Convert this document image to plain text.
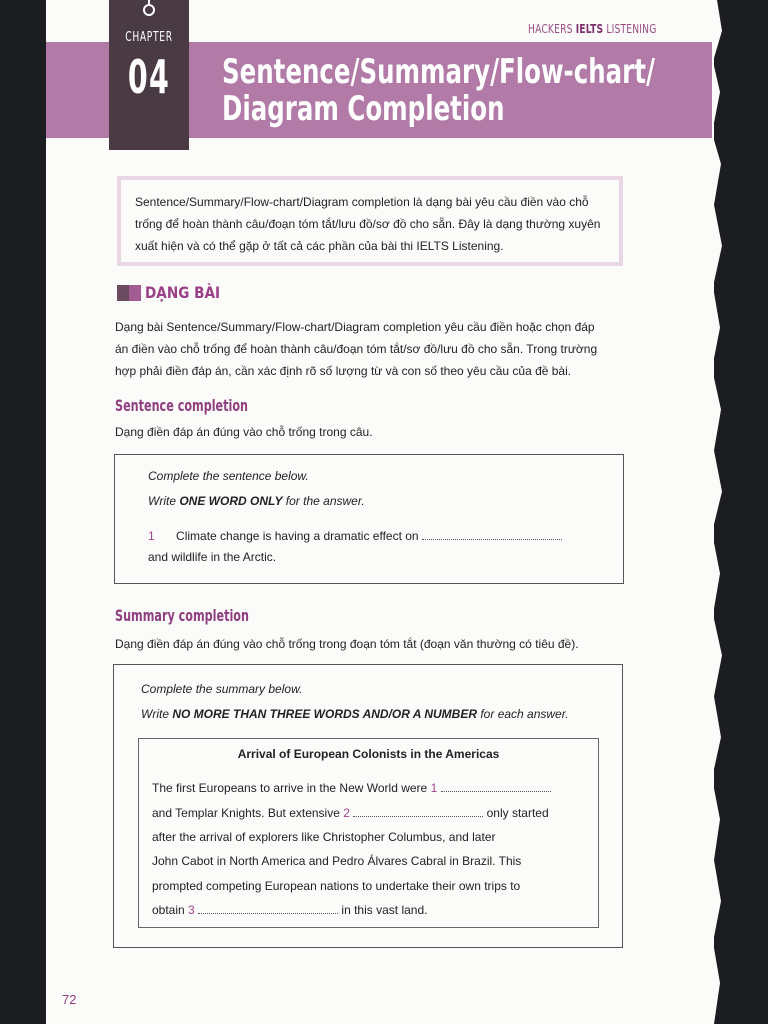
HACKERS IELTS LISTENING
CHAPTER
04 Sentence/Summary/Flow-chart/
Diagram Completion
Sentence/Summary/Flow-chart/Diagram completion là dạng bài yêu cầu điền vào chỗ
trống để hoàn thành câu/đoạn tóm tắt/lưu đồ/sơ đồ cho sẵn. Đây là dạng thường xuyên
xuất hiện và có thể gặp ở tất cả các phần của bài thi IELTS Listening.
DẠNG BÀI
Dạng bài Sentence/Summary/Flow-chart/Diagram completion yêu cầu điền hoặc chọn đáp
án điền vào chỗ trống để hoàn thành câu/đoạn tóm tắt/sơ đồ/lưu đồ cho sẵn. Trong trường
hợp phải điền đáp án, cần xác định rõ số lượng từ và con số theo yêu cầu của đề bài.
Sentence completion
Dạng điền đáp án đúng vào chỗ trống trong câu.
Complete the sentence below.
Write ONE WORD ONLY for the answer.
1 Climate change is having a dramatic effect on
and wildlife in the Arctic.
Summary completion
Dạng điền đáp án đúng vào chỗ trống trong đoạn tóm tắt (đoạn văn thường có tiêu đề).
Complete the summary below.
Write NO MORE THAN THREE WORDS AND/OR A NUMBER for each answer.
Arrival of European Colonists in the Americas
The first Europeans to arrive in the New World were 1
and Templar Knights. But extensive 2	only started
after the arrival of explorers like Christopher Columbus, and later
John Cabot in North America and Pedro Álvares Cabral in Brazil. This
prompted competing European nations to undertake their own trips to
obtain 3	in this vast land.
72
